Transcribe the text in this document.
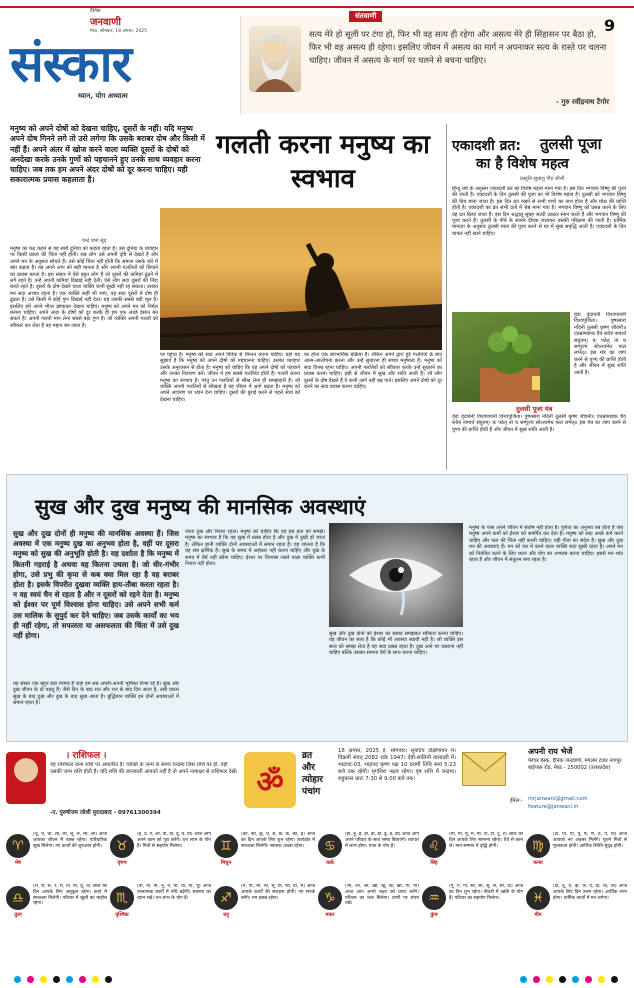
दैनिक
जनवाणी
मेरठ, सोमवार, 18 अगस्त, 2025
संस्कार
ध्यान, योग अध्यात्म
संतवाणी
सत्य मेरे हो सूली पर टंगा हो, फिर भी वह सत्य ही रहेगा और असत्य मेरे ही सिंहासन पर बैठा हो, फिर भी वह असत्य ही रहेगा। इसलिए जीवन में असत्य का मार्ग न अपनाकर सत्य के रास्ते पर चलना चाहिए। जीवन में असत्य के मार्ग पर चलने से बचना चाहिए।
- गुरु रवींद्रनाथ टैगोर
9
मनुष्य को अपने दोषों को देखना चाहिए, दूसरों के नहीं। यदि मनुष्य अपने दोष गिनने लगे तो उसे लगेगा कि उसके बराबर दोष और किसी में नहीं हैं। अपने अंतर में खोज करने वाला व्यक्ति दूसरों के दोषों को अनदेखा करके उनके गुणों को पहचानने हुए उनके साथ व्यवहार करना चाहिए। जब तक हम अपने अंदर दोषों को दूर करना चाहिए। यही सकारात्मक प्रयास कहलाता है।
चन्द्र प्रभा सूद
गलती करना मनुष्य का स्वभाव
मनुष्य का कद कहने से वह सारी दुनिया को कहता रहता है। उसे दुनिया के व्यवहार पर किसी प्रकार की चिंता नहीं होती। सब लोग उसे अपनी दृष्टि से देखते हैं और अपने मन के अनुसार सोचते हैं। उसे कोई चिंता नहीं होती कि समाज उसके बारे में क्या कहता है। वह अपने आप को सही मानता है और अपनी गलतियों को छिपाने का प्रयास करता है। इस संसार में ऐसे बहुत लोग हैं जो दूसरों की कमियां ढूंढने में लगे रहते हैं। उन्हें अपनी कमियां दिखाई नहीं देतीं। ऐसे लोग सदा दूसरों की निंदा करते रहते हैं। दूसरों के दोष देखने वाला व्यक्ति कभी सुखी नहीं रह सकता। उसका मन सदा अशांत रहता है। एक व्यक्ति कहीं भी जाए, वह सदा दूसरों में दोष ही ढूंढता है। उसे किसी में कोई गुण दिखाई नहीं देता। यह उसकी सबसे बड़ी भूल है। इसलिए हमें अपने भीतर झांककर देखना चाहिए। मनुष्य को अपने मन को निर्मल बनाना चाहिए। अपने अंदर के दोषों को दूर करके ही हम एक अच्छे इंसान बन सकते हैं। अपनी गलती मान लेना सबसे बड़ा गुण है। जो व्यक्ति अपनी गलती को स्वीकार कर लेता है वह महान बन जाता है।
पर पहुंचा है। मनुष्य को सदा अपने विवेक से चिन्तन करना चाहिए। यहां यह सुझाव है कि मनुष्य को अपने दोषों को पहचानना चाहिए। उसका व्यवहार उसके अनुशासन से होता है। मनुष्य को चाहिए कि वह अपने दोषों को पहचाने और उनका निवारण करे। जीवन में हम सबसे गलतियां होती हैं। गलती करना मनुष्य का स्वभाव है। परंतु उन गलतियों से सीख लेना ही समझदारी है। जो व्यक्ति अपनी गलतियों से सीखता है वह जीवन में आगे बढ़ता है। मनुष्य को अपने आचरण पर ध्यान देना चाहिए। दूसरों की बुराई करने से पहले स्वयं को देखना चाहिए।
का होना एक स्वाभाविक प्रक्रिया है। लेकिन अपने द्वारा हुई गलतियों के बाद आत्म-आलोचना करना और उन्हें सुधारना ही सच्चा मनुष्यत्व है। मनुष्य को सदा विनम्र रहना चाहिए। अपनी गलतियों को स्वीकार करके उन्हें सुधारने का प्रयास करना चाहिए। इसी से जीवन में सुख और शांति आती है। जो लोग दूसरों के दोष देखते हैं वे कभी आगे नहीं बढ़ पाते। इसलिए अपने दोषों को दूर करने का सदा प्रयास करना चाहिए।
एकादशी व्रत: तुलसी पूजा
का है विशेष महत्व
प्रस्तुति-सुधांशु गौड़ जोशी
हिन्दू धर्म के अनुसार एकादशी व्रत का विशेष महत्व माना गया है। इस दिन भगवान विष्णु की पूजा की जाती है। एकादशी के दिन तुलसी की पूजा का भी विशेष महत्व है। तुलसी को भगवान विष्णु की प्रिय माना जाता है। इस दिन व्रत रखने से सभी पापों का नाश होता है और मोक्ष की प्राप्ति होती है। एकादशी का व्रत सभी व्रतों में श्रेष्ठ माना गया है। भगवान विष्णु को प्रसन्न करने के लिए यह व्रत किया जाता है। इस दिन श्रद्धालु सुबह जल्दी उठकर स्नान करते हैं और भगवान विष्णु की पूजा करते हैं। तुलसी के पौधे के सामने दीपक जलाकर उसकी परिक्रमा की जाती है। धार्मिक मान्यता के अनुसार तुलसी माता की पूजा करने से घर में सुख समृद्धि आती है। एकादशी के दिन चावल नहीं खाने चाहिए।
वृंदा वृंदावनी विश्वपावनी विश्वपूजिता। पुष्पसारा नंदिनी तुलसी कृष्ण जीवनी॥ एतन्नामाष्टक चैव स्तोत्रं नामार्थं संयुतम्। यः पठेत् तां च सम्पूज्य सोऽश्वमेध फलं लभेत्॥ इस मंत्र का जाप करने से पुण्य की प्राप्ति होती है और जीवन में सुख शांति आती है।
तुलसी पूजा मंत्र
वृंदा वृंदावनी विश्वपावनी विश्वपूजिता। पुष्पसारा नंदिनी तुलसी कृष्ण जीवनी॥ एतन्नामाष्टक चैव स्तोत्रं नामार्थं संयुतम्। यः पठेत् तां च सम्पूज्य सोऽश्वमेध फलं लभेत्॥ इस मंत्र का जाप करने से पुण्य की प्राप्ति होती है और जीवन में सुख शांति आती है।
सुख और दुख मनुष्य की मानसिक अवस्थाएं
सुख और दुख दोनों ही मनुष्य की मानसिक अवस्था हैं। जिस अवस्था में एक मनुष्य दुख का अनुभव होता है, वहीं पर दूसरा मनुष्य को सुख की अनुभूति होती है। यह दर्शाता है कि मनुष्य में कितनी गहराई है अथवा वह कितना उथला है। जो धीर-गंभीर होगा, उसे प्रभु की कृपा से कब क्या मिल रहा है वह बराबर होता है। इसके विपरीत दुखवा व्यक्ति हाय-तौबा करता रहता है। न वह स्वयं चैन से रहता है और न दूसरों को रहने देता है। मनुष्य को ईश्वर पर पूर्ण विश्वास होना चाहिए। उसे अपने सभी कर्म उस मालिक के सुपुर्द कर देने चाहिए। जब उसके कार्यों का भय ही नहीं रहेगा, तो सफलता या असफलता की चिंता में उसे दुख नहीं होगा।
यह संसार एक बहुत बड़ा रंगमंच है जहां हम सब अपनी-अपनी भूमिका निभा रहे हैं। सुख और दुख जीवन के दो पहलू हैं। जैसे दिन के बाद रात और रात के बाद दिन आता है, उसी प्रकार सुख के बाद दुख और दुख के बाद सुख आता है। बुद्धिमान व्यक्ति इन दोनों अवस्थाओं में समान रहता है।
जाता दुख और निराश रहता। मनुष्य को चाहिए कि वह इस बात को समझे। मनुष्य का स्वभाव है कि वह सुख में प्रसन्न होता है और दुख में दुखी हो जाता है। लेकिन ज्ञानी व्यक्ति दोनों अवस्थाओं में समान रहता है। वह जानता है कि यह सब क्षणिक है। सुख के समय में अहंकार नहीं करना चाहिए और दुख के समय में धैर्य नहीं खोना चाहिए। ईश्वर पर विश्वास रखने वाला व्यक्ति कभी निराश नहीं होता।
सुख और दुख दोनों को ईश्वर का प्रसाद समझकर स्वीकार करना चाहिए। यह जीवन का सत्य है कि कोई भी अवस्था स्थायी नहीं है। जो व्यक्ति इस सत्य को समझ लेता है वह सदा प्रसन्न रहता है। दुख आने पर घबराना नहीं चाहिए बल्कि उसका सामना धैर्य के साथ करना चाहिए।
मनुष्य के पास अपने जीवन में संतोष नहीं होता है। पूर्णता का अनुभव तब होता है जब मनुष्य अपने कर्मों को ईश्वर को समर्पित कर देता है। मनुष्य को सदा अच्छे कर्म करने चाहिए और फल की चिंता नहीं करनी चाहिए। यही गीता का संदेश है। सुख और दुख मन की अवस्थाएं हैं। मन को वश में करने वाला व्यक्ति सदा सुखी रहता है। अपने मन को नियंत्रित करने के लिए ध्यान और योग का अभ्यास करना चाहिए। इससे मन शांत रहता है और जीवन में संतुलन बना रहता है।
। राशिफल ।
यह राशिफल जन्म राशि पर आधारित है। व्यक्ति के जन्म के समय चन्द्रमा जिस राशि पर हो, वही उसकी जन्म राशि होती है। यदि राशि की जानकारी आपको नहीं है तो अपने नामाक्षर से राशिफल देखें।
-ए. पुरुषोत्तम जोशी मुरादाबाद - 09761300394
ॐ
व्रत
और
त्योहार
पंचांग
18 अगस्त, 2025 ई. सोमवार। सूर्योदय दक्षिणायन में। विक्रमी संवत् 2082 शके 1947। देवी-सालिनी वासादरी में। भाद्रपद-03, भाद्रपद कृष्ण पक्ष 10 दशमी तिथि सायं 5:23 बजे तक रहेगी। मृगशिरा नक्षत्र रहेगा। वृष राशि में चन्द्रमा। राहुकाल प्रातः 7:30 से 9:00 बजे तक।
अपनी राय भेजें
फीचर डेस्क, दैनिक जनवाणी, मंगलम टावर नागपुर बाईपास रोड, मेरठ - 250002 (उत्तरप्रदेश)
ईमेल:- mrjanwani@gmail.com
feature@janwani.in
♈
मेष
(चू, चे, चो, ला, ली, लू, ले, लो, आ) आज आपका जीवन में व्यस्त रहेगा। पारिवारिक सुख मिलेगा। नए कार्यों की शुरुआत होगी।	♉
वृषभ
(इ, उ, ए, ओ, वा, वी, वू, वे, वो) आज आप अपने काम को पूरा करेंगे। धन लाभ के योग हैं। मित्रों से सहयोग मिलेगा।	♊
मिथुन
(का, की, कू, घ, ङ, छ, के, को, ह) आज का दिन आपके लिए शुभ रहेगा। कार्यक्षेत्र में सफलता मिलेगी। स्वास्थ्य अच्छा रहेगा।	♋
कर्क
(ही, हू, हे, हो, डा, डी, डू, डे, डो) आज आप अपने परिवार के साथ समय बिताएंगे। व्यापार में लाभ होगा। यात्रा के योग हैं।	♌
सिंह
(मा, मी, मू, मे, मो, टा, टी, टू, टे) आज का दिन आपके लिए सामान्य रहेगा। धैर्य से काम लें। मान सम्मान में वृद्धि होगी।	♍
कन्या
(टो, पा, पी, पू, ष, ण, ठ, पे, पो) आज आपको नए अवसर मिलेंगे। पुराने मित्रों से मुलाकात होगी। आर्थिक स्थिति सुदृढ़ होगी।
♎
तुला
(रा, री, रू, रे, रो, ता, ती, तू, ते) आज का दिन आपके लिए अनुकूल रहेगा। कार्य में सफलता मिलेगी। परिवार में खुशी का माहौल रहेगा।	♏
वृश्चिक
(तो, ना, नी, नू, ने, नो, या, यी, यू) आज रचनात्मक कार्यों में रुचि बढ़ेगी। स्वास्थ्य का ध्यान रखें। धन लाभ के योग हैं।	♐
धनु
(ये, यो, भा, भी, भू, धा, फा, ढा, भे) आज आपके कार्यों की सराहना होगी। नए संपर्क बनेंगे। मन प्रसन्न रहेगा।	♑
मकर
(भो, जा, जी, खी, खू, खे, खो, गा, गी) आज आप अपने लक्ष्य को प्राप्त करेंगे। परिश्रम का फल मिलेगा। वाणी पर संयम रखें।	♒
कुंभ
(गू, गे, गो, सा, सी, सू, से, सो, दा) आज का दिन शुभ रहेगा। नौकरी में उन्नति के योग हैं। परिवार का सहयोग मिलेगा।	♓
मीन
(दी, दू, थ, झ, ञ, दे, दो, चा, ची) आज आपके लिए दिन उत्तम रहेगा। आर्थिक लाभ होगा। धार्मिक कार्यों में मन लगेगा।
